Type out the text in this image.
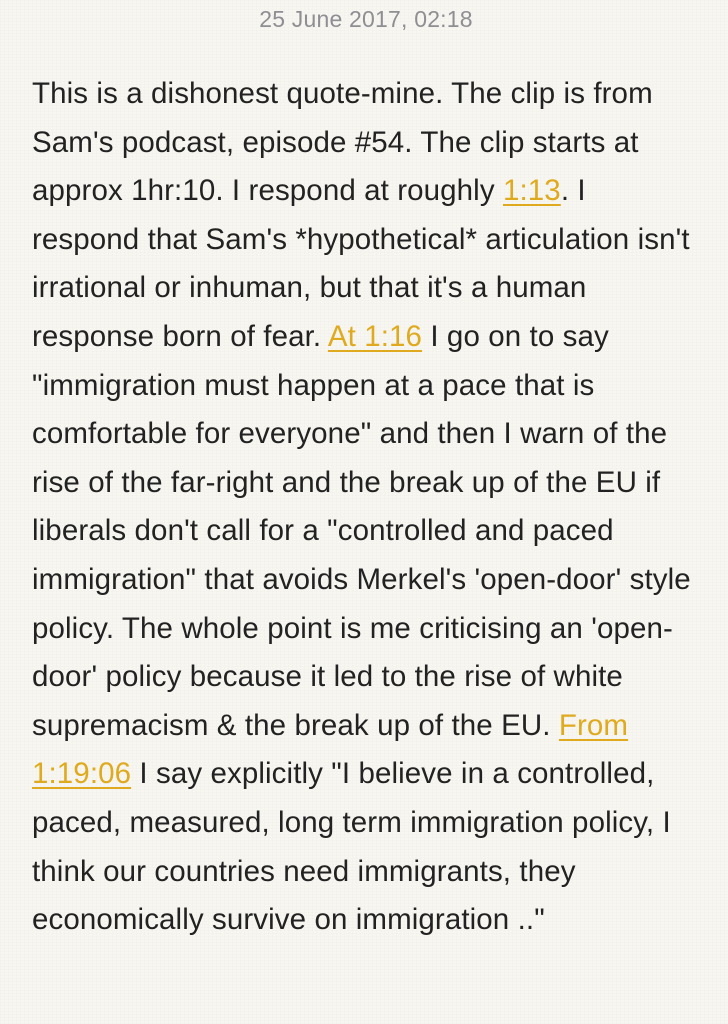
25 June 2017, 02:18
This is a dishonest quote-mine. The clip is from Sam's podcast, episode #54. The clip starts at approx 1hr:10. I respond at roughly 1:13. I respond that Sam's *hypothetical* articulation isn't irrational or inhuman, but that it's a human response born of fear. At 1:16 I go on to say "immigration must happen at a pace that is comfortable for everyone" and then I warn of the rise of the far-right and the break up of the EU if liberals don't call for a "controlled and paced immigration" that avoids Merkel's 'open-door' style policy. The whole point is me criticising an 'open-door' policy because it led to the rise of white supremacism & the break up of the EU. From 1:19:06 I say explicitly "I believe in a controlled, paced, measured, long term immigration policy, I think our countries need immigrants, they economically survive on immigration .."
